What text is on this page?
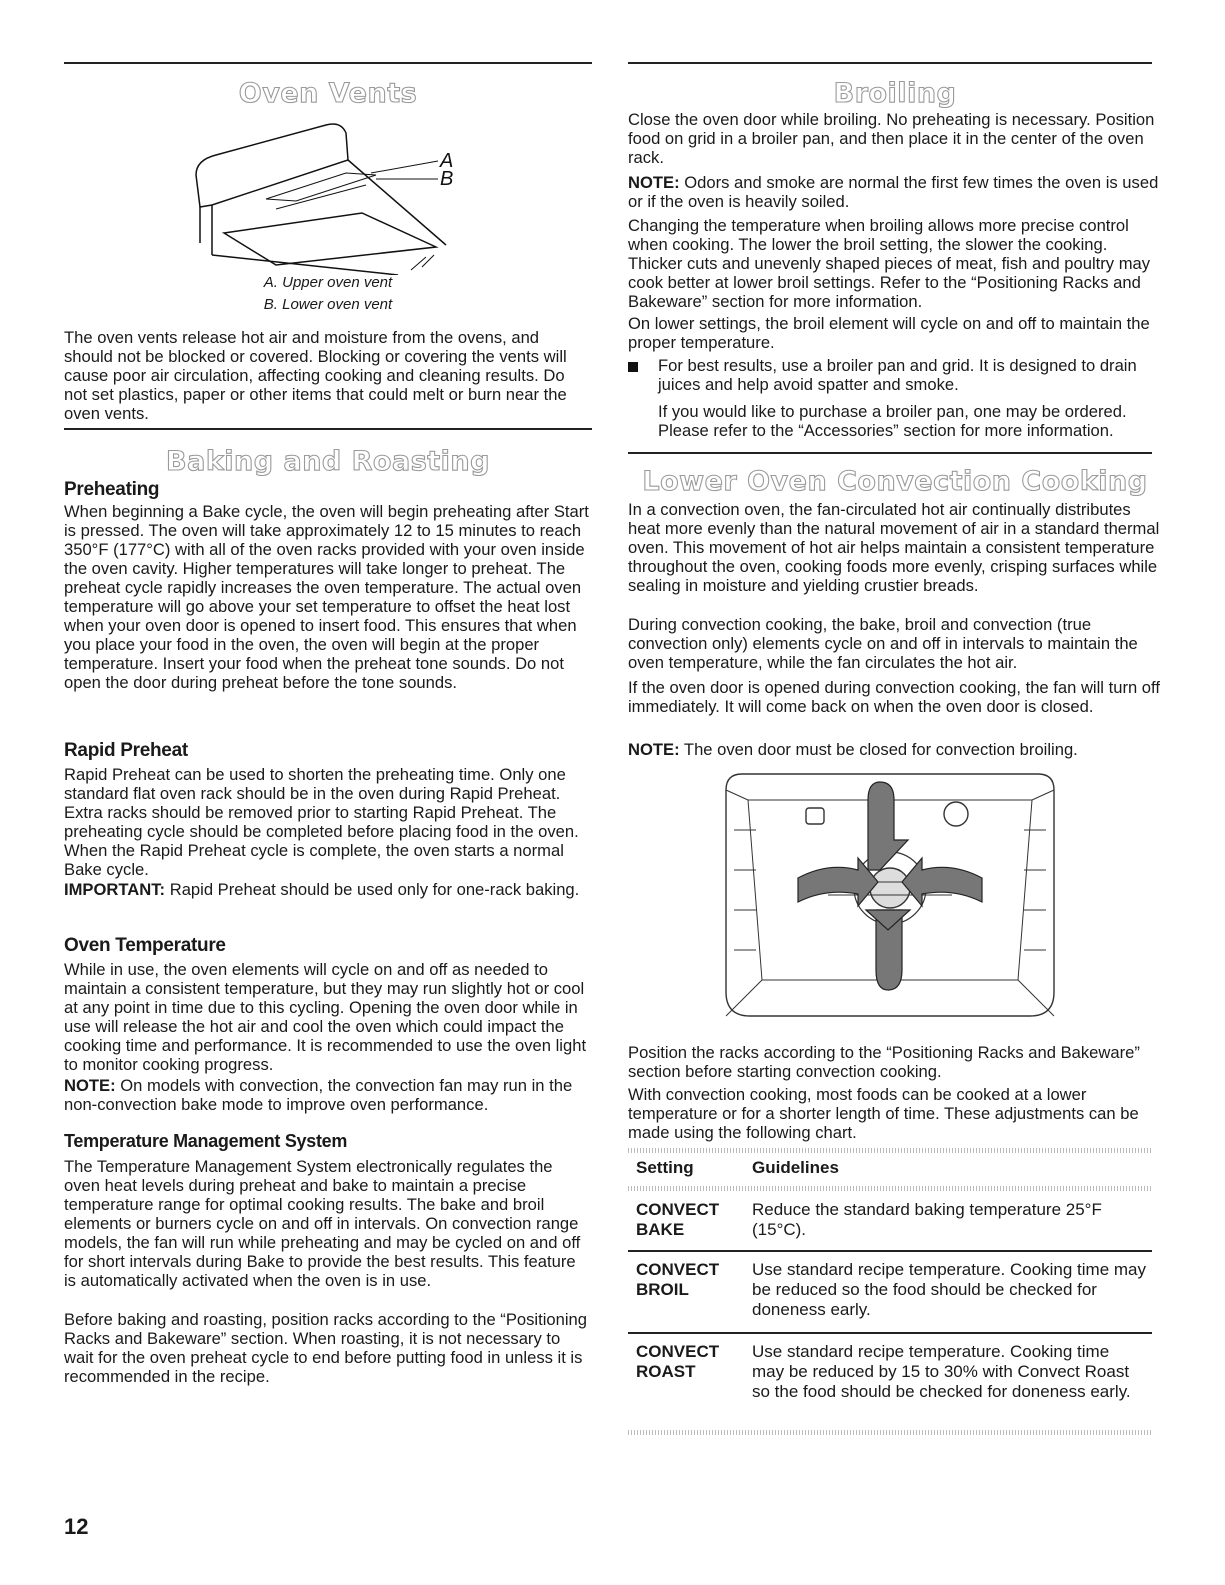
Oven Vents
A
B
A. Upper oven vent
B. Lower oven vent

The oven vents release hot air and moisture from the ovens, and should not be blocked or covered. Blocking or covering the vents will cause poor air circulation, affecting cooking and cleaning results. Do not set plastics, paper or other items that could melt or burn near the oven vents.

Baking and Roasting
Preheating

When beginning a Bake cycle, the oven will begin preheating after Start is pressed. The oven will take approximately 12 to 15 minutes to reach 350°F (177°C) with all of the oven racks provided with your oven inside the oven cavity. Higher temperatures will take longer to preheat. The preheat cycle rapidly increases the oven temperature. The actual oven temperature will go above your set temperature to offset the heat lost when your oven door is opened to insert food. This ensures that when you place your food in the oven, the oven will begin at the proper temperature. Insert your food when the preheat tone sounds. Do not open the door during preheat before the tone sounds.

Rapid Preheat

Rapid Preheat can be used to shorten the preheating time. Only one standard flat oven rack should be in the oven during Rapid Preheat. Extra racks should be removed prior to starting Rapid Preheat. The preheating cycle should be completed before placing food in the oven. When the Rapid Preheat cycle is complete, the oven starts a normal Bake cycle.

IMPORTANT: Rapid Preheat should be used only for one-rack baking.

Oven Temperature

While in use, the oven elements will cycle on and off as needed to maintain a consistent temperature, but they may run slightly hot or cool at any point in time due to this cycling. Opening the oven door while in use will release the hot air and cool the oven which could impact the cooking time and performance. It is recommended to use the oven light to monitor cooking progress.

NOTE: On models with convection, the convection fan may run in the non-convection bake mode to improve oven performance.

Temperature Management System

The Temperature Management System electronically regulates the oven heat levels during preheat and bake to maintain a precise temperature range for optimal cooking results. The bake and broil elements or burners cycle on and off in intervals. On convection range models, the fan will run while preheating and may be cycled on and off for short intervals during Bake to provide the best results. This feature is automatically activated when the oven is in use.

Before baking and roasting, position racks according to the “Positioning Racks and Bakeware” section. When roasting, it is not necessary to wait for the oven preheat cycle to end before putting food in unless it is recommended in the recipe.

Broiling

Close the oven door while broiling. No preheating is necessary. Position food on grid in a broiler pan, and then place it in the center of the oven rack.

NOTE: Odors and smoke are normal the first few times the oven is used or if the oven is heavily soiled.

Changing the temperature when broiling allows more precise control when cooking. The lower the broil setting, the slower the cooking. Thicker cuts and unevenly shaped pieces of meat, fish and poultry may cook better at lower broil settings. Refer to the “Positioning Racks and Bakeware” section for more information.

On lower settings, the broil element will cycle on and off to maintain the proper temperature.

For best results, use a broiler pan and grid. It is designed to drain juices and help avoid spatter and smoke.

If you would like to purchase a broiler pan, one may be ordered. Please refer to the “Accessories” section for more information.

Lower Oven Convection Cooking

In a convection oven, the fan-circulated hot air continually distributes heat more evenly than the natural movement of air in a standard thermal oven. This movement of hot air helps maintain a consistent temperature throughout the oven, cooking foods more evenly, crisping surfaces while sealing in moisture and yielding crustier breads.

During convection cooking, the bake, broil and convection (true convection only) elements cycle on and off in intervals to maintain the oven temperature, while the fan circulates the hot air.

If the oven door is opened during convection cooking, the fan will turn off immediately. It will come back on when the oven door is closed.

NOTE: The oven door must be closed for convection broiling.

Position the racks according to the “Positioning Racks and Bakeware” section before starting convection cooking.

With convection cooking, most foods can be cooked at a lower temperature or for a shorter length of time. These adjustments can be made using the following chart.

Setting	Guidelines
CONVECT
BAKE
Reduce the standard baking temperature 25°F (15°C).
CONVECT
BROIL
Use standard recipe temperature. Cooking time may be reduced so the food should be checked for doneness early.
CONVECT
ROAST
Use standard recipe temperature. Cooking time may be reduced by 15 to 30% with Convect Roast so the food should be checked for doneness early.
12
